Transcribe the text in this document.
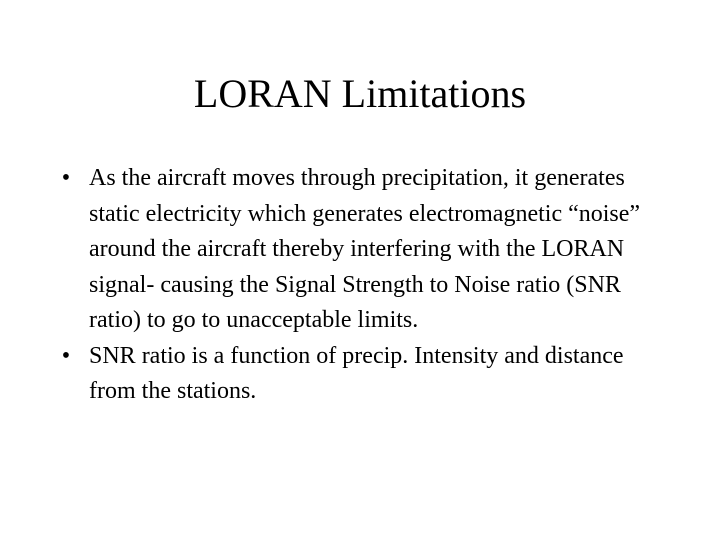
LORAN Limitations
• As the aircraft moves through precipitation, it generates static electricity which generates electromagnetic “noise” around the aircraft thereby interfering with the LORAN signal- causing the Signal Strength to Noise ratio (SNR ratio) to go to unacceptable limits.
• SNR ratio is a function of precip. Intensity and distance from the stations.
